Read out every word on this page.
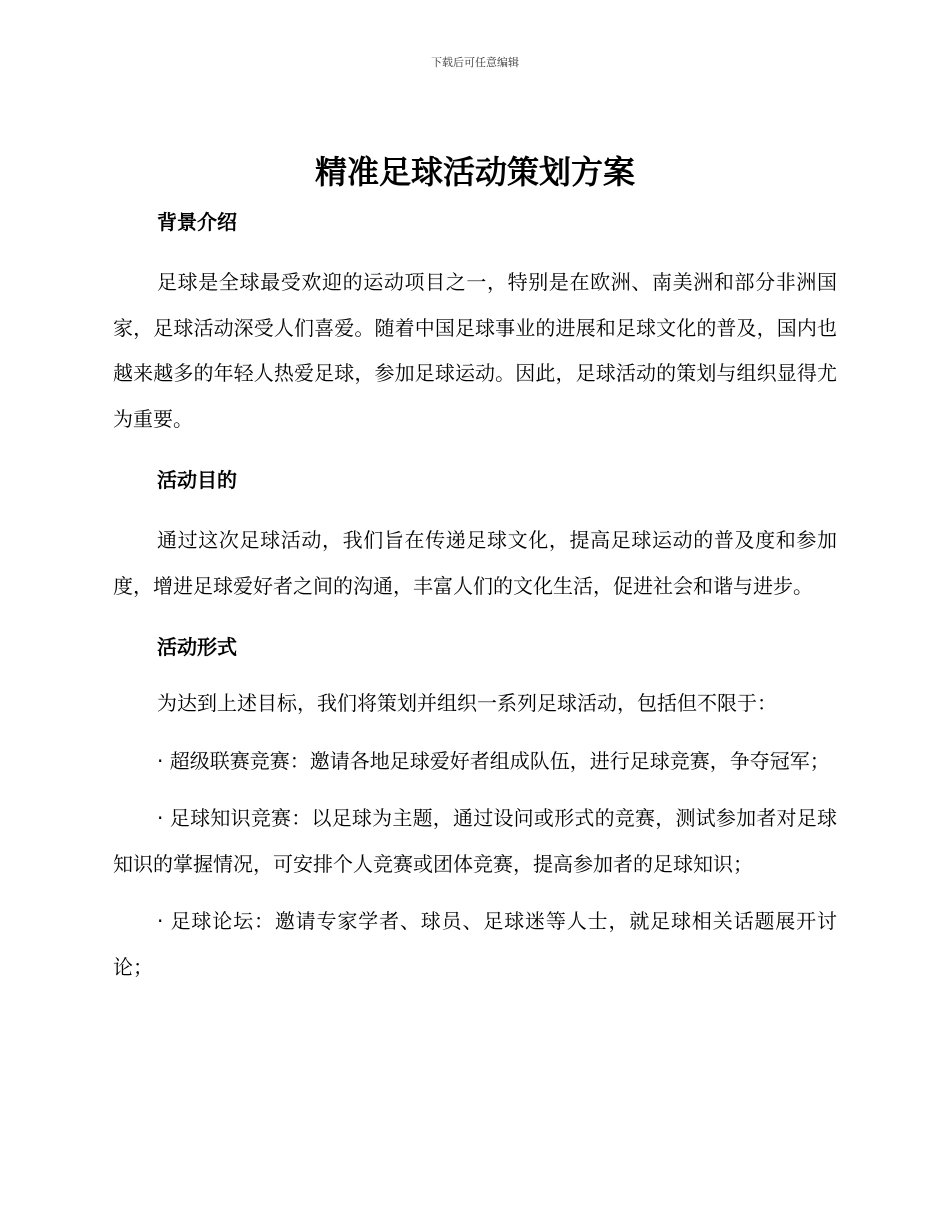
下载后可任意编辑
精准足球活动策划方案

背景介绍

足球是全球最受欢迎的运动项目之一，特别是在欧洲、南美洲和部分非洲国家，足球活动深受人们喜爱。随着中国足球事业的进展和足球文化的普及，国内也越来越多的年轻人热爱足球，参加足球运动。因此，足球活动的策划与组织显得尤为重要。

活动目的

通过这次足球活动，我们旨在传递足球文化，提高足球运动的普及度和参加度，增进足球爱好者之间的沟通，丰富人们的文化生活，促进社会和谐与进步。

活动形式

为达到上述目标，我们将策划并组织一系列足球活动，包括但不限于：

· 超级联赛竞赛：邀请各地足球爱好者组成队伍，进行足球竞赛，争夺冠军；

· 足球知识竞赛：以足球为主题，通过设问或形式的竞赛，测试参加者对足球知识的掌握情况，可安排个人竞赛或团体竞赛，提高参加者的足球知识；

· 足球论坛：邀请专家学者、球员、足球迷等人士，就足球相关话题展开讨论；
